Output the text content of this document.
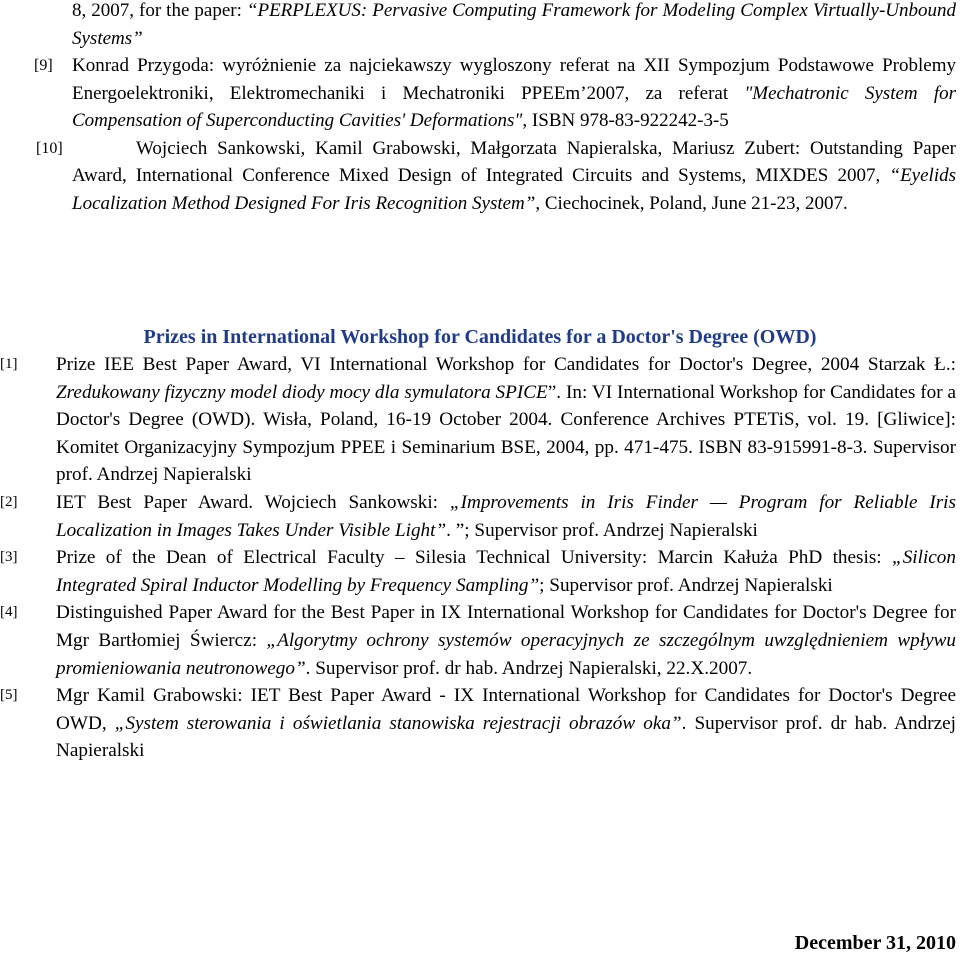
8, 2007, for the paper: “PERPLEXUS: Pervasive Computing Framework for Modeling Complex Virtually-Unbound Systems”
[9] Konrad Przygoda: wyróżnienie za najciekawszy wygloszony referat na XII Sympozjum Podstawowe Problemy Energoelektroniki, Elektromechaniki i Mechatroniki PPEEm’2007, za referat "Mechatronic System for Compensation of Superconducting Cavities' Deformations", ISBN 978-83-922242-3-5
[10]	Wojciech Sankowski, Kamil Grabowski, Małgorzata Napieralska, Mariusz Zubert: Outstanding Paper Award, International Conference Mixed Design of Integrated Circuits and Systems, MIXDES 2007, “Eyelids Localization Method Designed For Iris Recognition System”, Ciechocinek, Poland, June 21-23, 2007.
Prizes in International Workshop for Candidates for a Doctor's Degree (OWD)
[1] Prize IEE Best Paper Award, VI International Workshop for Candidates for Doctor's Degree, 2004 Starzak Ł.: Zredukowany fizyczny model diody mocy dla symulatora SPICE”. In: VI International Workshop for Candidates for a Doctor's Degree (OWD). Wisła, Poland, 16-19 October 2004. Conference Archives PTETiS, vol. 19. [Gliwice]: Komitet Organizacyjny Sympozjum PPEE i Seminarium BSE, 2004, pp. 471-475. ISBN 83-915991-8-3. Supervisor prof. Andrzej Napieralski
[2] IET Best Paper Award. Wojciech Sankowski: „Improvements in Iris Finder — Program for Reliable Iris Localization in Images Takes Under Visible Light”. ”; Supervisor prof. Andrzej Napieralski
[3] Prize of the Dean of Electrical Faculty – Silesia Technical University: Marcin Kałuża PhD thesis: „Silicon Integrated Spiral Inductor Modelling by Frequency Sampling”; Supervisor prof. Andrzej Napieralski
[4] Distinguished Paper Award for the Best Paper in IX International Workshop for Candidates for Doctor's Degree for Mgr Bartłomiej Świercz: „Algorytmy ochrony systemów operacyjnych ze szczególnym uwzględnieniem wpływu promieniowania neutronowego”. Supervisor prof. dr hab. Andrzej Napieralski, 22.X.2007.
[5] Mgr Kamil Grabowski: IET Best Paper Award - IX International Workshop for Candidates for Doctor's Degree OWD, „System sterowania i oświetlania stanowiska rejestracji obrazów oka”. Supervisor prof. dr hab. Andrzej Napieralski
December 31, 2010
